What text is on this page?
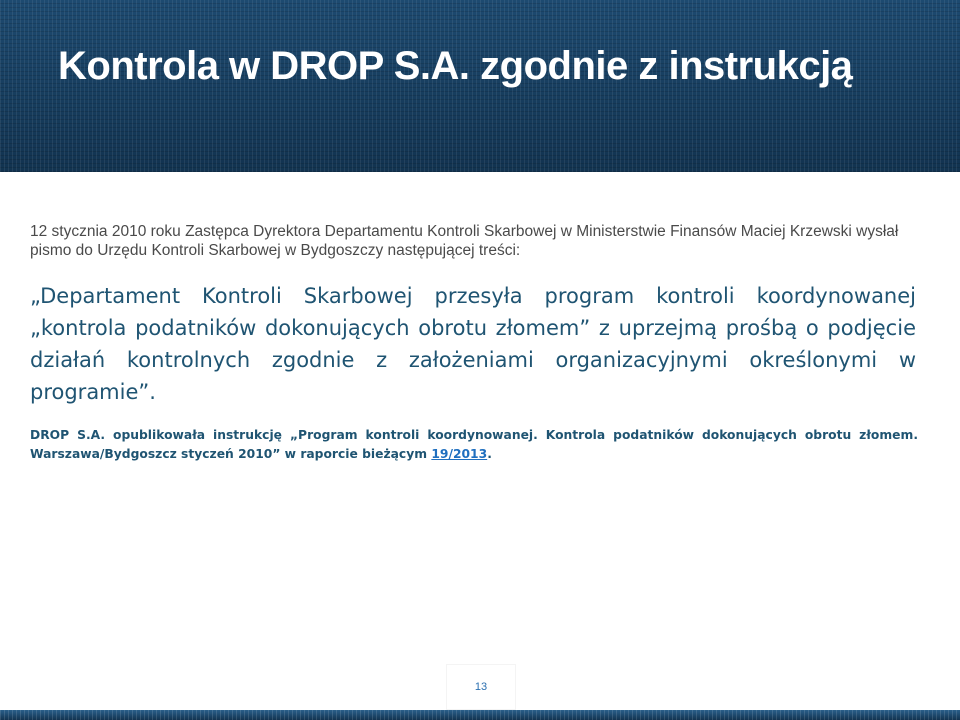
Kontrola w DROP S.A. zgodnie z instrukcją

12 stycznia 2010 roku Zastępca Dyrektora Departamentu Kontroli Skarbowej w Ministerstwie Finansów Maciej Krzewski wysłał pismo do Urzędu Kontroli Skarbowej w Bydgoszczy następującej treści:

„Departament Kontroli Skarbowej przesyła program kontroli koordynowanej „kontrola podatników dokonujących obrotu złomem” z uprzejmą prośbą o podjęcie działań kontrolnych zgodnie z założeniami organizacyjnymi określonymi w programie”.

DROP S.A. opublikowała instrukcję „Program kontroli koordynowanej. Kontrola podatników dokonujących obrotu złomem. Warszawa/Bydgoszcz styczeń 2010” w raporcie bieżącym 19/2013.

13
